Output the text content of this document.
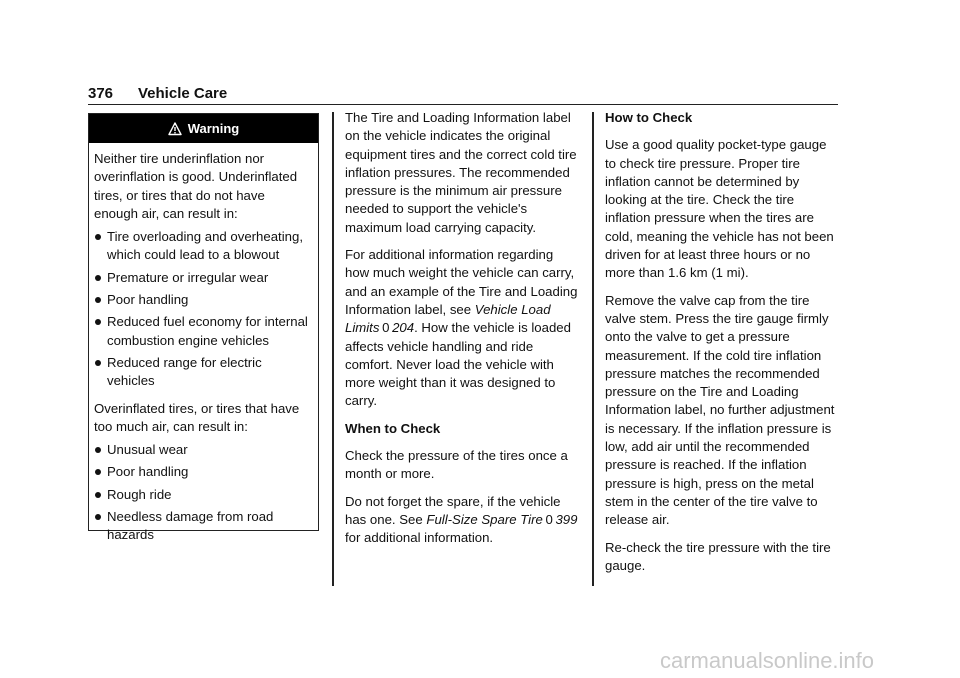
376 Vehicle Care
Warning

Neither tire underinflation nor overinflation is good. Underinflated tires, or tires that do not have enough air, can result in:

Tire overloading and overheating, which could lead to a blowout
Premature or irregular wear
Poor handling
Reduced fuel economy for internal combustion engine vehicles
Reduced range for electric vehicles

Overinflated tires, or tires that have too much air, can result in:

Unusual wear
Poor handling
Rough ride
Needless damage from road hazards

The Tire and Loading Information label on the vehicle indicates the original equipment tires and the correct cold tire inflation pressures. The recommended pressure is the minimum air pressure needed to support the vehicle's maximum load carrying capacity.

For additional information regarding how much weight the vehicle can carry, and an example of the Tire and Loading Information label, see Vehicle Load Limits  0  204. How the vehicle is loaded affects vehicle handling and ride comfort. Never load the vehicle with more weight than it was designed to carry.

When to Check

Check the pressure of the tires once a month or more.

Do not forget the spare, if the vehicle has one. See Full-Size Spare Tire  0  399 for additional information.

How to Check

Use a good quality pocket-type gauge to check tire pressure. Proper tire inflation cannot be determined by looking at the tire. Check the tire inflation pressure when the tires are cold, meaning the vehicle has not been driven for at least three hours or no more than 1.6 km (1 mi).

Remove the valve cap from the tire valve stem. Press the tire gauge firmly onto the valve to get a pressure measurement. If the cold tire inflation pressure matches the recommended pressure on the Tire and Loading Information label, no further adjustment is necessary. If the inflation pressure is low, add air until the recommended pressure is reached. If the inflation pressure is high, press on the metal stem in the center of the tire valve to release air.

Re-check the tire pressure with the tire gauge.

carmanualsonline.info
